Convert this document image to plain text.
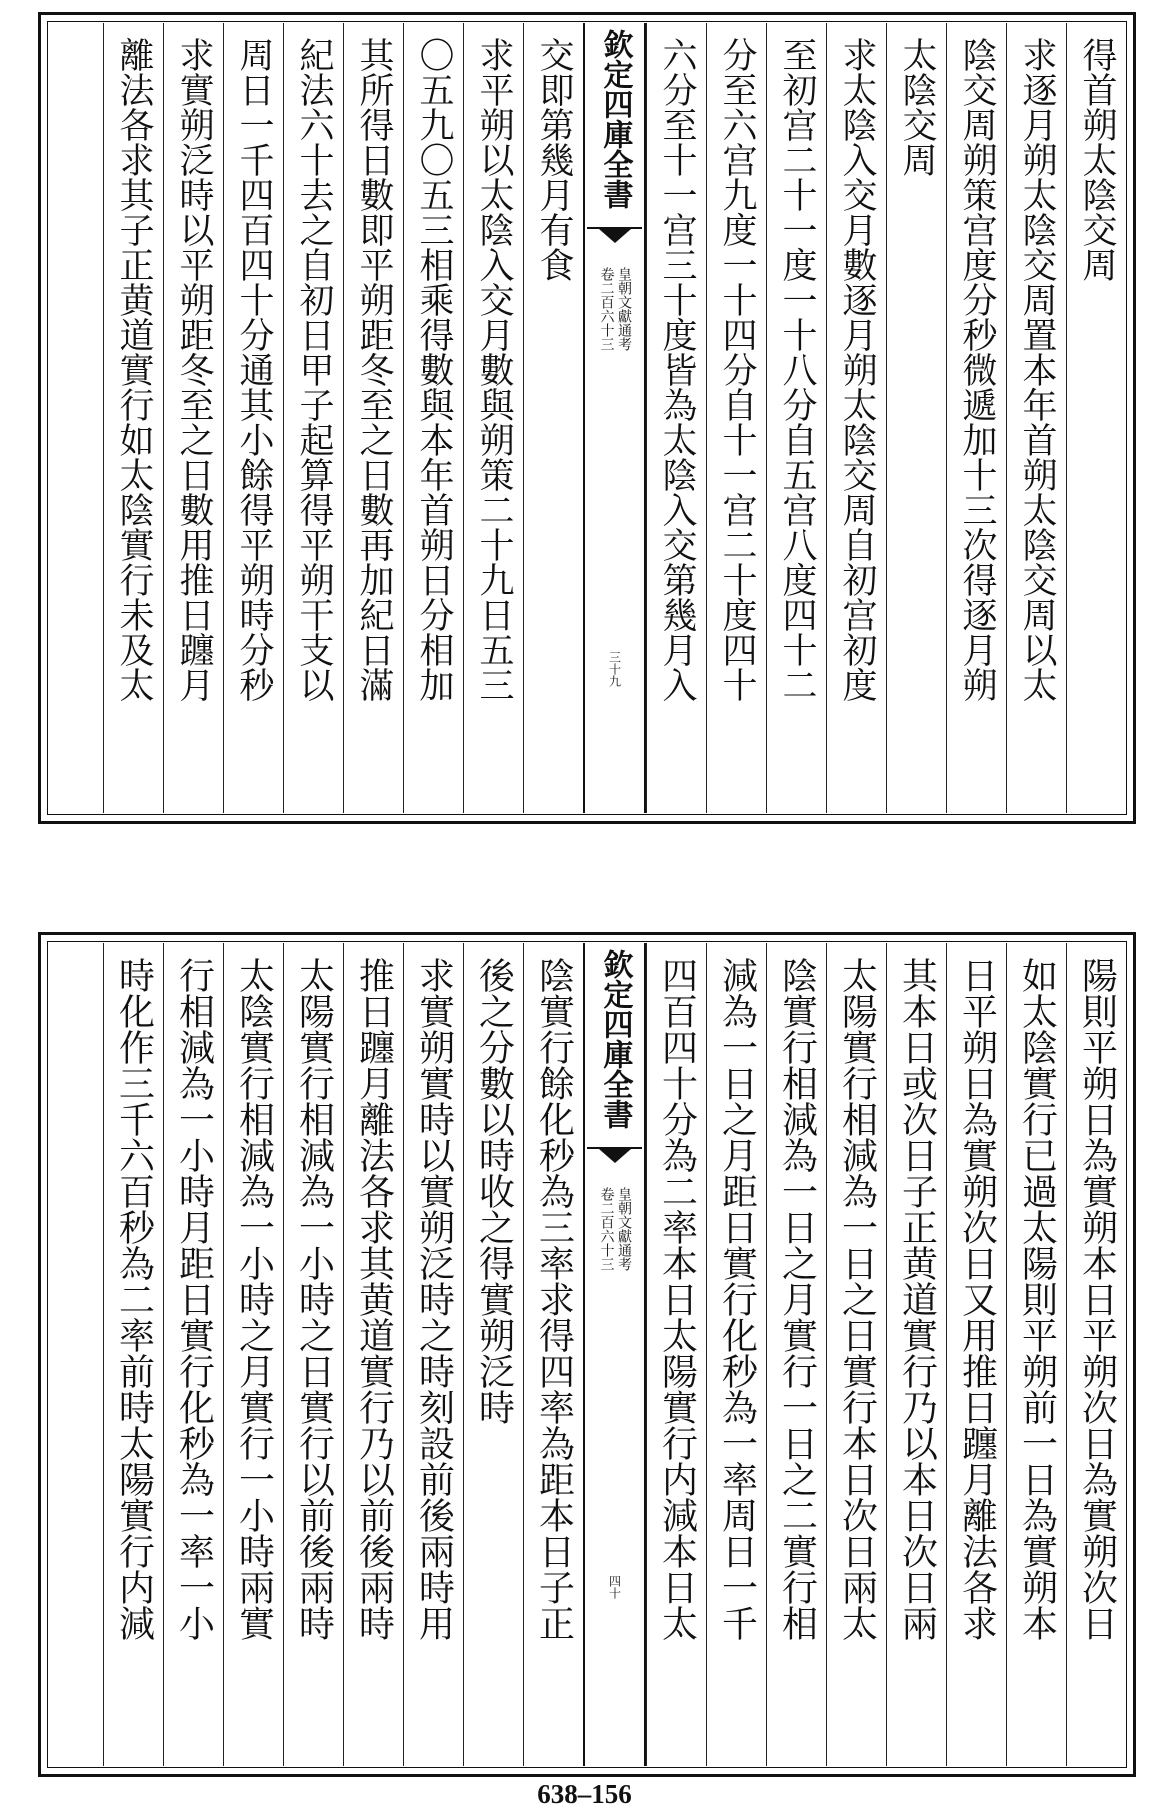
得首朔太陰交周
求逐月朔太陰交周置本年首朔太陰交周以太
陰交周朔策宫度分秒微遞加十三次得逐月朔
太陰交周
求太陰入交月數逐月朔太陰交周自初宫初度
至初宫二十一度一十八分自五宫八度四十二
分至六宫九度一十四分自十一宫二十度四十
六分至十一宫三十度皆為太陰入交第幾月入
欽定四庫全書
皇朝文獻通考
卷二百六十三
三十九
交即第幾月有食
求平朔以太陰入交月數與朔策二十九日五三
〇五九〇五三相乘得數與本年首朔日分相加
其所得日數即平朔距冬至之日數再加紀日滿
紀法六十去之自初日甲子起算得平朔干支以
周日一千四百四十分通其小餘得平朔時分秒
求實朔泛時以平朔距冬至之日數用推日躔月
離法各求其子正黄道實行如太陰實行未及太
陽則平朔日為實朔本日平朔次日為實朔次日
如太陰實行已過太陽則平朔前一日為實朔本
日平朔日為實朔次日又用推日躔月離法各求
其本日或次日子正黄道實行乃以本日次日兩
太陽實行相減為一日之日實行本日次日兩太
陰實行相減為一日之月實行一日之二實行相
減為一日之月距日實行化秒為一率周日一千
四百四十分為二率本日太陽實行内減本日太
欽定四庫全書
皇朝文獻通考
卷二百六十三
四十
陰實行餘化秒為三率求得四率為距本日子正
後之分數以時收之得實朔泛時
求實朔實時以實朔泛時之時刻設前後兩時用
推日躔月離法各求其黄道實行乃以前後兩時
太陽實行相減為一小時之日實行以前後兩時
太陰實行相減為一小時之月實行一小時兩實
行相減為一小時月距日實行化秒為一率一小
時化作三千六百秒為二率前時太陽實行内減
638–156
